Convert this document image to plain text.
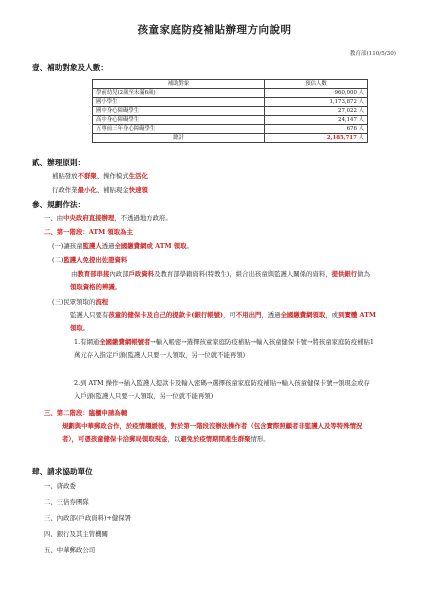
孩童家庭防疫補貼辦理方向說明
教育部(110/5/30)
壹、補助對象及人數：
補助對象	預估人數
學前幼兒(2歲至未滿6歲)	960,000 人
國小學生	1,173,872 人
國中身心障礙學生	27,022 人
高中身心障礙學生	24,147 人
五專前三年身心障礙學生	676 人
總計	2,185,717 人
貳、辦理原則：
補貼發放不群聚、操作模式生活化
行政作業最小化、補貼現金快速領
參、規劃作法：
一、由中央政府直接辦理，不透過地方政府。
二、第一階段：ATM 領取為主
(一)讓孩童監護人透過全國繳費網或 ATM 領取。
(二)監護人免提出佐證資料
由教育部串接內政部戶政資料及教育部學籍資料(特教生)，組合出孩童與監護人關係的資料，提供銀行做為領取資格的辨識。
(三)民眾領取的流程
監護人只要有孩童的健保卡及自己的提款卡(銀行帳號)，可不用出門，透過全國繳費網領取，或到實體 ATM 領取。
1.有網通全國繳費網帳號者→輸入帳密→選擇孩童家庭防疫補貼→輸入孩童健保卡號→將孩童家庭防疫補貼1萬元存入指定戶頭(監護人只要一人領取，另一位就不能再領)
2.到 ATM 操作→插入監護人提款卡及輸入密碼→選擇孩童家庭防疫補貼→輸入孩童健保卡號→領現金或存入戶頭(監護人只要一人領取，另一位就不能再領)
三、第二階段：臨櫃申請為輔
規劃與中華郵政合作，於疫情趨緩後，對於第一階段沒辦法操作者（包含實際照顧者非監護人及等特殊情況者），可憑孩童健保卡洽郵局領取現金，以避免於疫情期間產生群聚情形。
肆、請求協助單位
一、唐政委
二、三倍券團隊
三、內政部(戶政資料)+健保署
四、銀行及其主管機關
五、中華郵政公司
